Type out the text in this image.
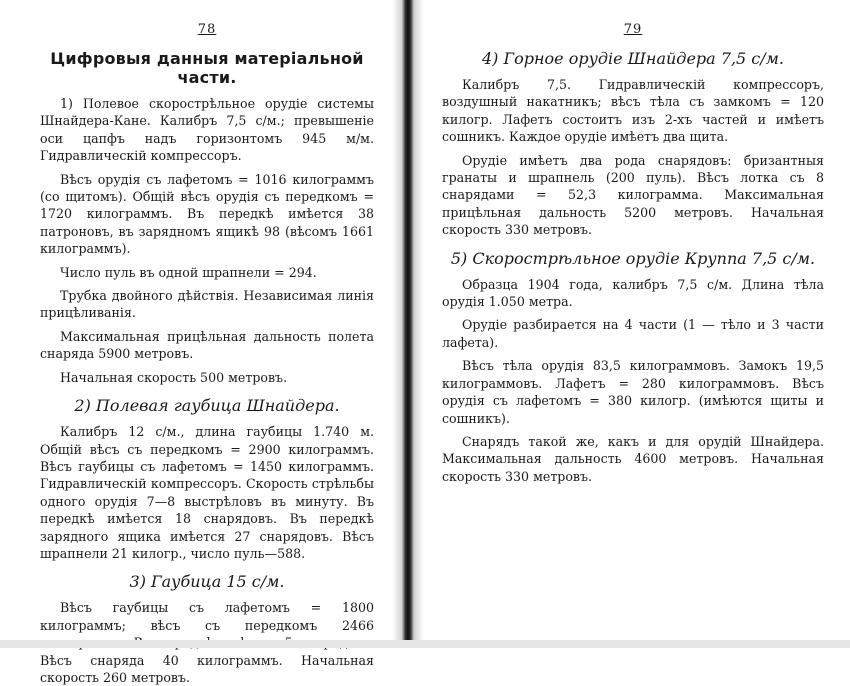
78
Цифровыя данныя матеріальной части.

1) Полевое скорострѣльное орудіе системы Шнайдера-Кане. Калибръ 7,5 с/м.; превышеніе оси цапфъ надъ горизонтомъ 945 м/м. Гидравлическій компрессоръ.

Вѣсъ орудія съ лафетомъ = 1016 килограммъ (со щитомъ). Общій вѣсъ орудія съ передкомъ = 1720 килограммъ. Въ передкѣ имѣется 38 патроновъ, въ зарядномъ ящикѣ 98 (вѣсомъ 1661 килограммъ).

Число пуль въ одной шрапнели = 294.

Трубка двойного дѣйствія. Независимая линія прицѣливанія.

Максимальная прицѣльная дальность полета снаряда 5900 метровъ.

Начальная скорость 500 метровъ.

2) Полевая гаубица Шнайдера.

Калибръ 12 с/м., длина гаубицы 1.740 м. Общій вѣсъ съ передкомъ = 2900 килограммъ. Вѣсъ гаубицы съ лафетомъ = 1450 килограммъ. Гидравлическій компрессоръ. Скорость стрѣльбы одного орудія 7—8 выстрѣловъ въ минуту. Въ передкѣ имѣется 18 снарядовъ. Въ передкѣ зарядного ящика имѣется 27 снарядовъ. Вѣсъ шрапнели 21 килогр., число пуль—588.

3) Гаубица 15 с/м.

Вѣсъ гаубицы съ лафетомъ = 1800 килограммъ; вѣсъ съ передкомъ 2466 Вѣсъ снаряда 40 килограммъ. Начальная скорость 260 метровъ.

79
4) Горное орудіе Шнайдера 7,5 с/м.

Калибръ 7,5. Гидравлическій компрессоръ, воздушный накатникъ; вѣсъ тѣла съ замкомъ = 120 килогр. Лафетъ состоитъ изъ 2-хъ частей и имѣетъ сошникъ. Каждое орудіе имѣетъ два щита.

Орудіе имѣетъ два рода снарядовъ: бризантныя гранаты и шрапнель (200 пуль). Вѣсъ лотка съ 8 снарядами = 52,3 килограмма. Максимальная прицѣльная дальность 5200 метровъ. Начальная скорость 330 метровъ.

5) Скорострѣльное орудіе Круппа 7,5 с/м.

Образца 1904 года, калибръ 7,5 с/м. Длина тѣла орудія 1.050 метра.

Орудіе разбирается на 4 части (1 — тѣло и 3 части лафета).

Вѣсъ тѣла орудія 83,5 килограммовъ. Замокъ 19,5 килограммовъ. Лафетъ = 280 килограммовъ. Вѣсъ орудія съ лафетомъ = 380 килогр. (имѣются щиты и сошникъ).

Снарядъ такой же, какъ и для орудій Шнайдера. Максимальная дальность 4600 метровъ. Начальная скорость 330 метровъ.
